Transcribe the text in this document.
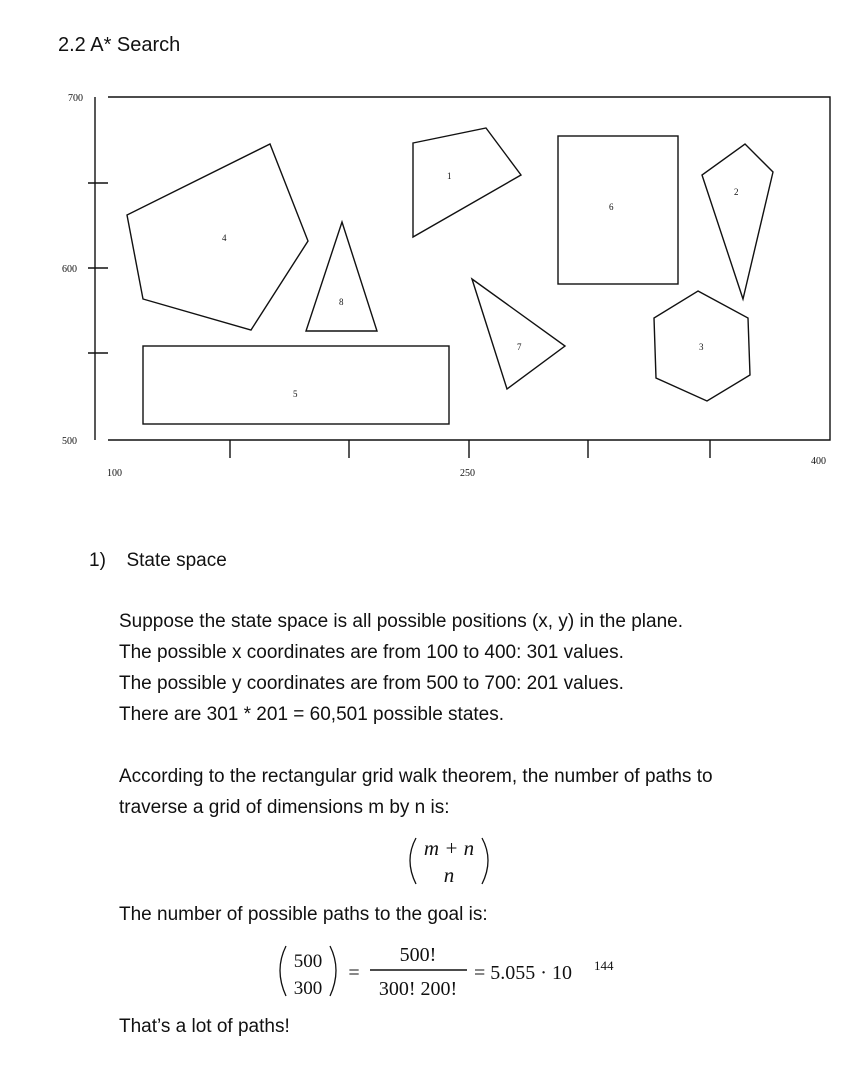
2.2 A* Search
700
600
500
100	250
400
1
2
3
4
5
6
7
8
1) State space
Suppose the state space is all possible positions (x, y) in the plane.
The possible x coordinates are from 100 to 400: 301 values.
The possible y coordinates are from 500 to 700: 201 values.
There are 301 * 201 = 60,501 possible states.
According to the rectangular grid walk theorem, the number of paths to
traverse a grid of dimensions m by n is:
m + n
n
The number of possible paths to the goal is:
500
300
=
500!
300! 200!
= 5.055 · 10 144
That’s a lot of paths!
